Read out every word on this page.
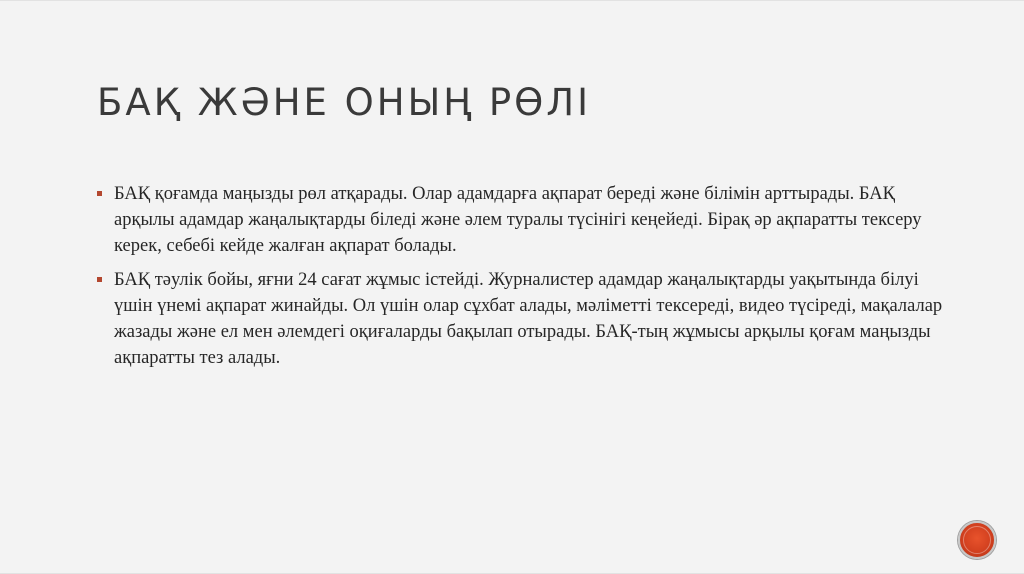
БАҚ ЖӘНЕ ОНЫҢ РӨЛІ
БАҚ қоғамда маңызды рөл атқарады. Олар адамдарға ақпарат береді және білімін арттырады. БАҚ арқылы адамдар жаңалықтарды біледі және әлем туралы түсінігі кеңейеді. Бірақ әр ақпаратты тексеру керек, себебі кейде жалған ақпарат болады.
БАҚ тәулік бойы, яғни 24 сағат жұмыс істейді. Журналистер адамдар жаңалықтарды уақытында білуі үшін үнемі ақпарат жинайды. Ол үшін олар сұхбат алады, мәліметті тексереді, видео түсіреді, мақалалар жазады және ел мен әлемдегі оқиғаларды бақылап отырады. БАҚ-тың жұмысы арқылы қоғам маңызды ақпаратты тез алады.
